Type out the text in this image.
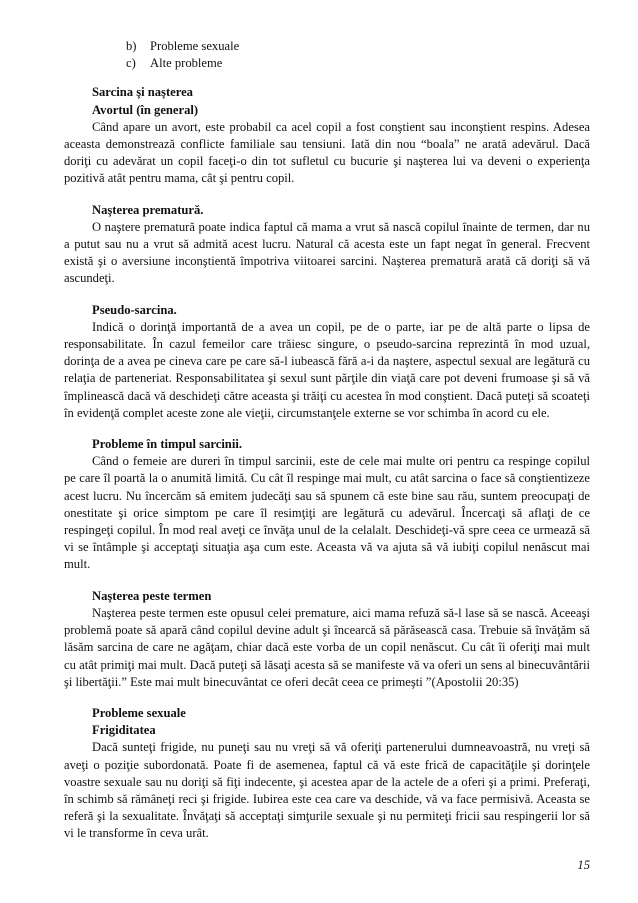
b)	Probleme sexuale
c)	Alte probleme
Sarcina şi naşterea
Avortul (în general)

Când apare un avort, este probabil ca acel copil a fost conştient sau inconştient respins. Adesea aceasta demonstrează conflicte familiale sau tensiuni. Iată din nou “boala” ne arată adevărul. Dacă doriţi cu adevărat un copil faceţi-o din tot sufletul cu bucurie şi naşterea lui va deveni o experienţa pozitivă atât pentru mama, cât şi pentru copil.

Naşterea prematură.

O naştere prematură poate indica faptul că mama a vrut să nască copilul înainte de termen, dar nu a putut sau nu a vrut să admită acest lucru. Natural că acesta este un fapt negat în general. Frecvent există şi o aversiune inconştientă împotriva viitoarei sarcini. Naşterea prematură arată că doriţi să vă ascundeţi.

Pseudo-sarcina.

Indică o dorinţă importantă de a avea un copil, pe de o parte, iar pe de altă parte o lipsa de responsabilitate. În cazul femeilor care trăiesc singure, o pseudo-sarcina reprezintă în mod uzual, dorinţa de a avea pe cineva care pe care să-l iubească fără a-i da naştere, aspectul sexual are legătură cu relaţia de parteneriat. Responsabilitatea şi sexul sunt părţile din viaţă care pot deveni frumoase şi să vă împlinească dacă vă deschideţi către aceasta şi trăiţi cu acestea în mod conştient. Dacă puteţi să scoateţi în evidenţă complet aceste zone ale vieţii, circumstanţele externe se vor schimba în acord cu ele.

Probleme în timpul sarcinii.

Când o femeie are dureri în timpul sarcinii, este de cele mai multe ori pentru ca respinge copilul pe care îl poartă la o anumită limită. Cu cât îl respinge mai mult, cu atât sarcina o face să conştientizeze acest lucru. Nu încercăm să emitem judecăţi sau să spunem că este bine sau rău, suntem preocupaţi de onestitate şi orice simptom pe care îl resimţiţi are legătură cu adevărul. Încercaţi să aflaţi de ce respingeţi copilul. În mod real aveţi ce învăţa unul de la celalalt. Deschideţi-vă spre ceea ce urmează să vi se întâmple şi acceptaţi situaţia aşa cum este. Aceasta vă va ajuta să vă iubiţi copilul nenăscut mai mult.

Naşterea peste termen

Naşterea peste termen este opusul celei premature, aici mama refuză să-l lase să se nască. Aceeaşi problemă poate să apară când copilul devine adult şi încearcă să părăsească casa. Trebuie să învăţăm să lăsăm sarcina de care ne agăţam, chiar dacă este vorba de un copil nenăscut. Cu cât îi oferiţi mai mult cu atât primiţi mai mult. Dacă puteţi să lăsaţi acesta să se manifeste vă va oferi un sens al binecuvântării şi libertăţii.” Este mai mult binecuvântat ce oferi decât ceea ce primeşti ”(Apostolii 20:35)

Probleme sexuale
Frigiditatea

Dacă sunteţi frigide, nu puneţi sau nu vreţi să vă oferiţi partenerului dumneavoastră, nu vreţi să aveţi o poziţie subordonată. Poate fi de asemenea, faptul că vă este frică de capacităţile şi dorinţele voastre sexuale sau nu doriţi să fiţi indecente, şi acestea apar de la actele de a oferi şi a primi. Preferaţi, în schimb să rămâneţi reci şi frigide. Iubirea este cea care va deschide, vă va face permisivă. Aceasta se referă şi la sexualitate. Învăţaţi să acceptaţi simţurile sexuale şi nu permiteţi fricii sau respingerii lor să vi le transforme în ceva urât.

15
